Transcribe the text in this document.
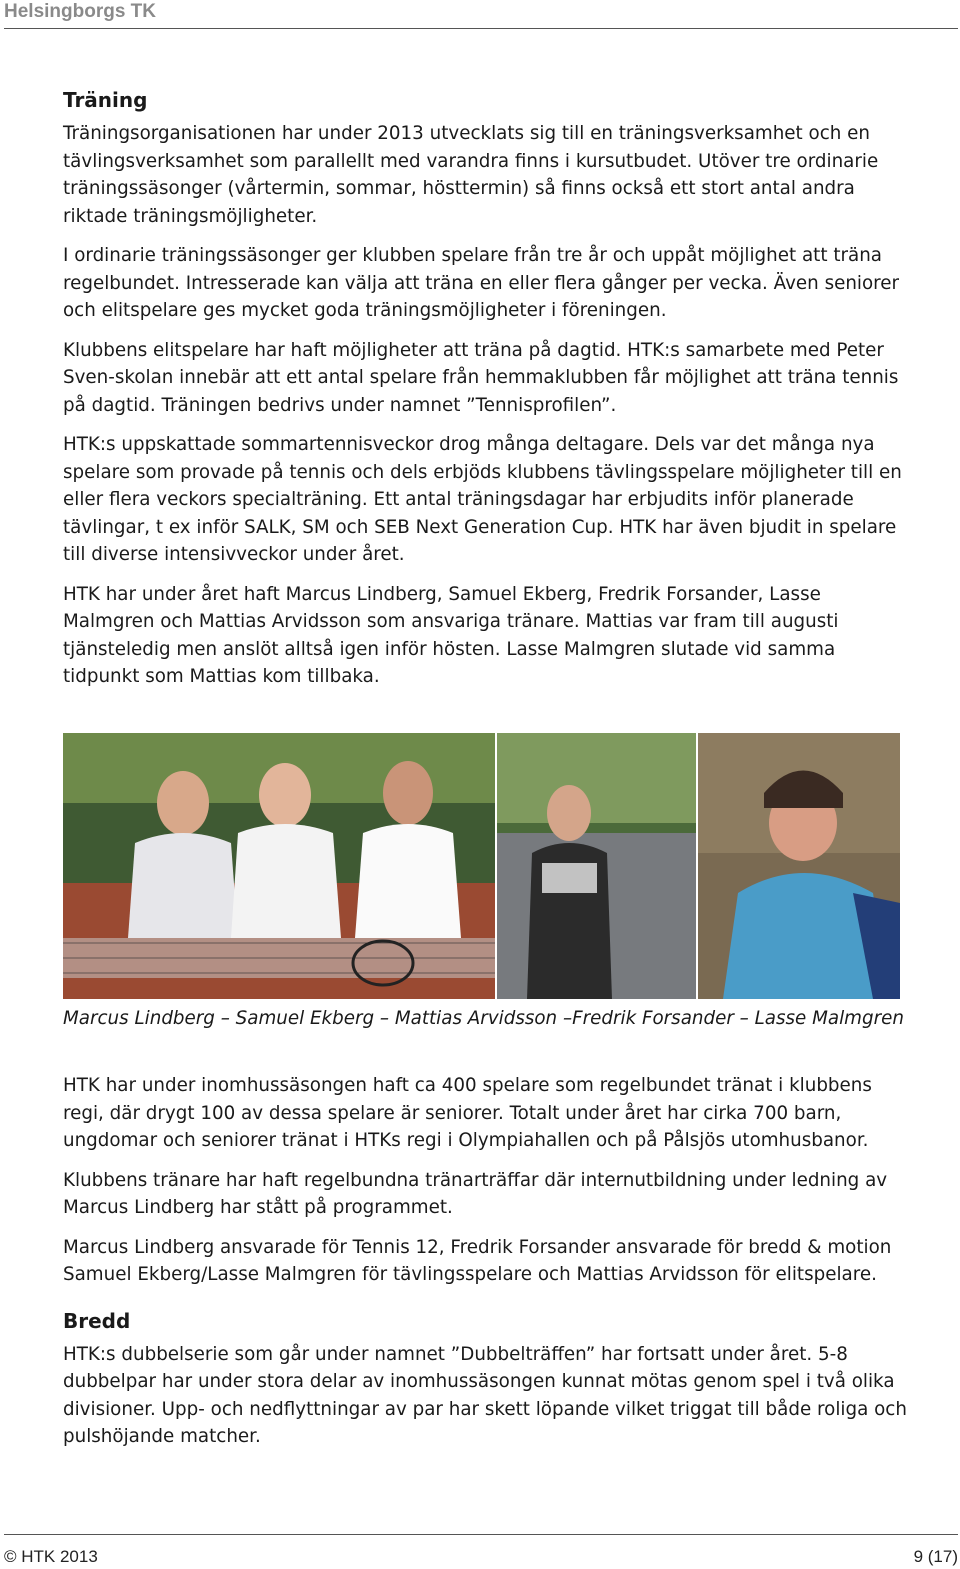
Helsingborgs TK
Träning

Träningsorganisationen har under 2013 utvecklats sig till en träningsverksamhet och en tävlingsverksamhet som parallellt med varandra finns i kursutbudet. Utöver tre ordinarie träningssäsonger (vårtermin, sommar, hösttermin) så finns också ett stort antal andra riktade träningsmöjligheter.

I ordinarie träningssäsonger ger klubben spelare från tre år och uppåt möjlighet att träna regelbundet. Intresserade kan välja att träna en eller flera gånger per vecka. Även seniorer och elitspelare ges mycket goda träningsmöjligheter i föreningen.

Klubbens elitspelare har haft möjligheter att träna på dagtid. HTK:s samarbete med Peter Sven-skolan innebär att ett antal spelare från hemmaklubben får möjlighet att träna tennis på dagtid. Träningen bedrivs under namnet ”Tennisprofilen”.

HTK:s uppskattade sommartennisveckor drog många deltagare. Dels var det många nya spelare som provade på tennis och dels erbjöds klubbens tävlingsspelare möjligheter till en eller flera veckors specialträning. Ett antal träningsdagar har erbjudits inför planerade tävlingar, t ex inför SALK, SM och SEB Next Generation Cup. HTK har även bjudit in spelare till diverse intensivveckor under året.

HTK har under året haft Marcus Lindberg, Samuel Ekberg, Fredrik Forsander, Lasse Malmgren och Mattias Arvidsson som ansvariga tränare. Mattias var fram till augusti tjänsteledig men anslöt alltså igen inför hösten. Lasse Malmgren slutade vid samma tidpunkt som Mattias kom tillbaka.

Marcus Lindberg – Samuel Ekberg – Mattias Arvidsson –Fredrik Forsander – Lasse Malmgren

HTK har under inomhussäsongen haft ca 400 spelare som regelbundet tränat i klubbens regi, där drygt 100 av dessa spelare är seniorer. Totalt under året har cirka 700 barn, ungdomar och seniorer tränat i HTKs regi i Olympiahallen och på Pålsjös utomhusbanor.

Klubbens tränare har haft regelbundna tränarträffar där internutbildning under ledning av Marcus Lindberg har stått på programmet.

Marcus Lindberg ansvarade för Tennis 12, Fredrik Forsander ansvarade för bredd & motion Samuel Ekberg/Lasse Malmgren för tävlingsspelare och Mattias Arvidsson för elitspelare.

Bredd

HTK:s dubbelserie som går under namnet ”Dubbelträffen” har fortsatt under året. 5-8 dubbelpar har under stora delar av inomhussäsongen kunnat mötas genom spel i två olika divisioner. Upp- och nedflyttningar av par har skett löpande vilket triggat till både roliga och pulshöjande matcher.

© HTK 2013	9 (17)
